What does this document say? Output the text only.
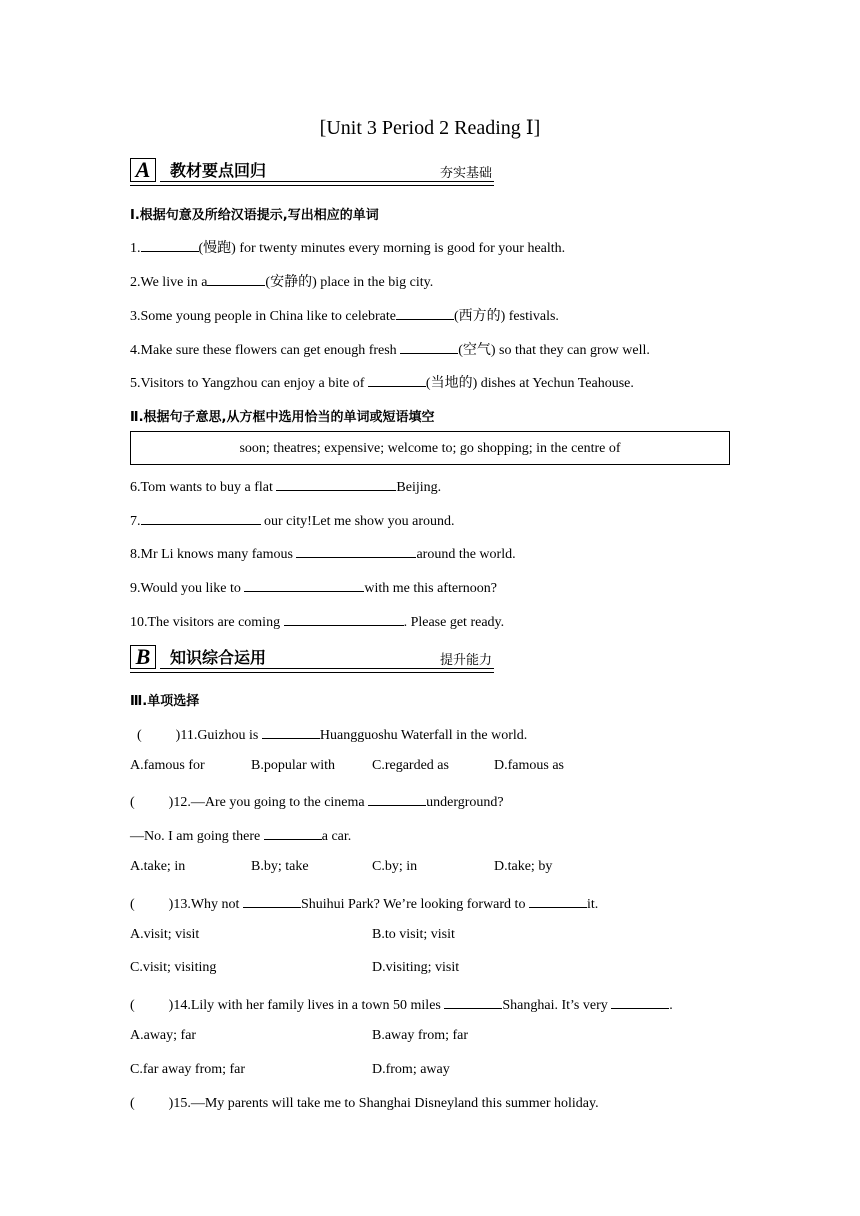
[Unit 3 Period 2 Reading Ⅰ]
A	教材要点回归	夯实基础
Ⅰ.根据句意及所给汉语提示,写出相应的单词
1.	(慢跑) for twenty minutes every morning is good for your health.
2.We live in a	(安静的) place in the big city.
3.Some young people in China like to celebrate	(西方的) festivals.
4.Make sure these flowers can get enough fresh	(空气) so that they can grow well.
5.Visitors to Yangzhou can enjoy a bite of	(当地的) dishes at Yechun Teahouse.
Ⅱ.根据句子意思,从方框中选用恰当的单词或短语填空
soon; theatres; expensive; welcome to; go shopping; in the centre of
6.Tom wants to buy a flat	Beijing.
7.	our city!Let me show you around.
8.Mr Li knows many famous	around the world.
9.Would you like to	with me this afternoon?
10.The visitors are coming	. Please get ready.
B	知识综合运用	提升能力
Ⅲ.单项选择
( )11.Guizhou is	Huangguoshu Waterfall in the world.
A.famous for	B.popular with	C.regarded as	D.famous as
( )12.—Are you going to the cinema	underground?
—No. I am going there	a car.
A.take; in	B.by; take	C.by; in	D.take; by
( )13.Why not	Shuihui Park? We’re looking forward to	it.
A.visit; visit	B.to visit; visit
C.visit; visiting	D.visiting; visit
( )14.Lily with her family lives in a town 50 miles	Shanghai. It’s very	.
A.away; far	B.away from; far
C.far away from; far	D.from; away
( )15.—My parents will take me to Shanghai Disneyland this summer holiday.
